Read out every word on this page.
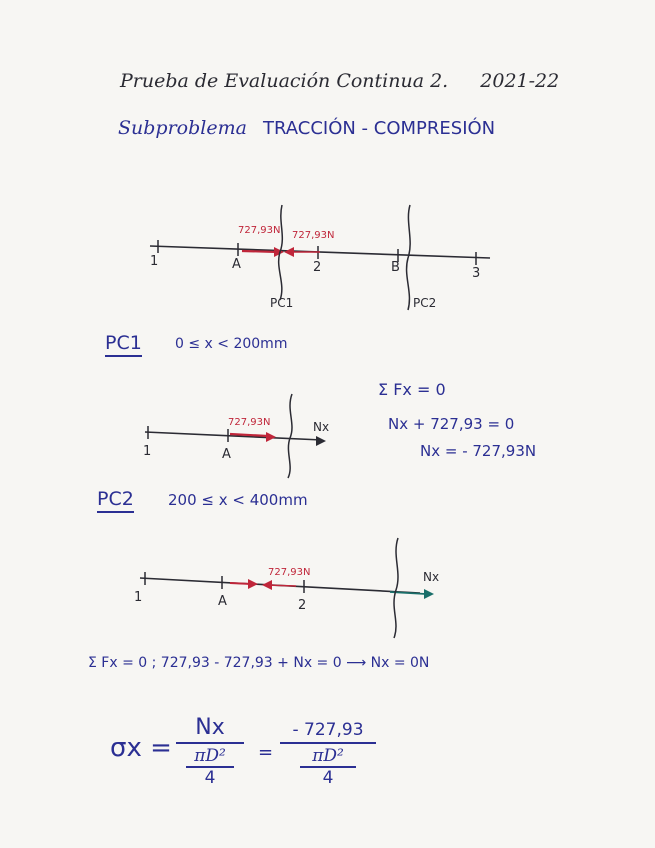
Prueba de Evaluación Continua 2. 2021-22
Subproblema TRACCIÓN - COMPRESIÓN
1	A	2	B	3
727,93N 727,93N
PC1	PC2
PC1 0 ≤ x < 200mm
1	A
727,93N	Nx
Σ Fx = 0
Nx + 727,93 = 0
Nx = - 727,93N
PC2 200 ≤ x < 400mm
1	A	2
727,93N	Nx
Σ Fx = 0 ; 727,93 - 727,93 + Nx = 0 ⟶ Nx = 0N
σx =
Nx
πD²
4
=
- 727,93
πD²
4
